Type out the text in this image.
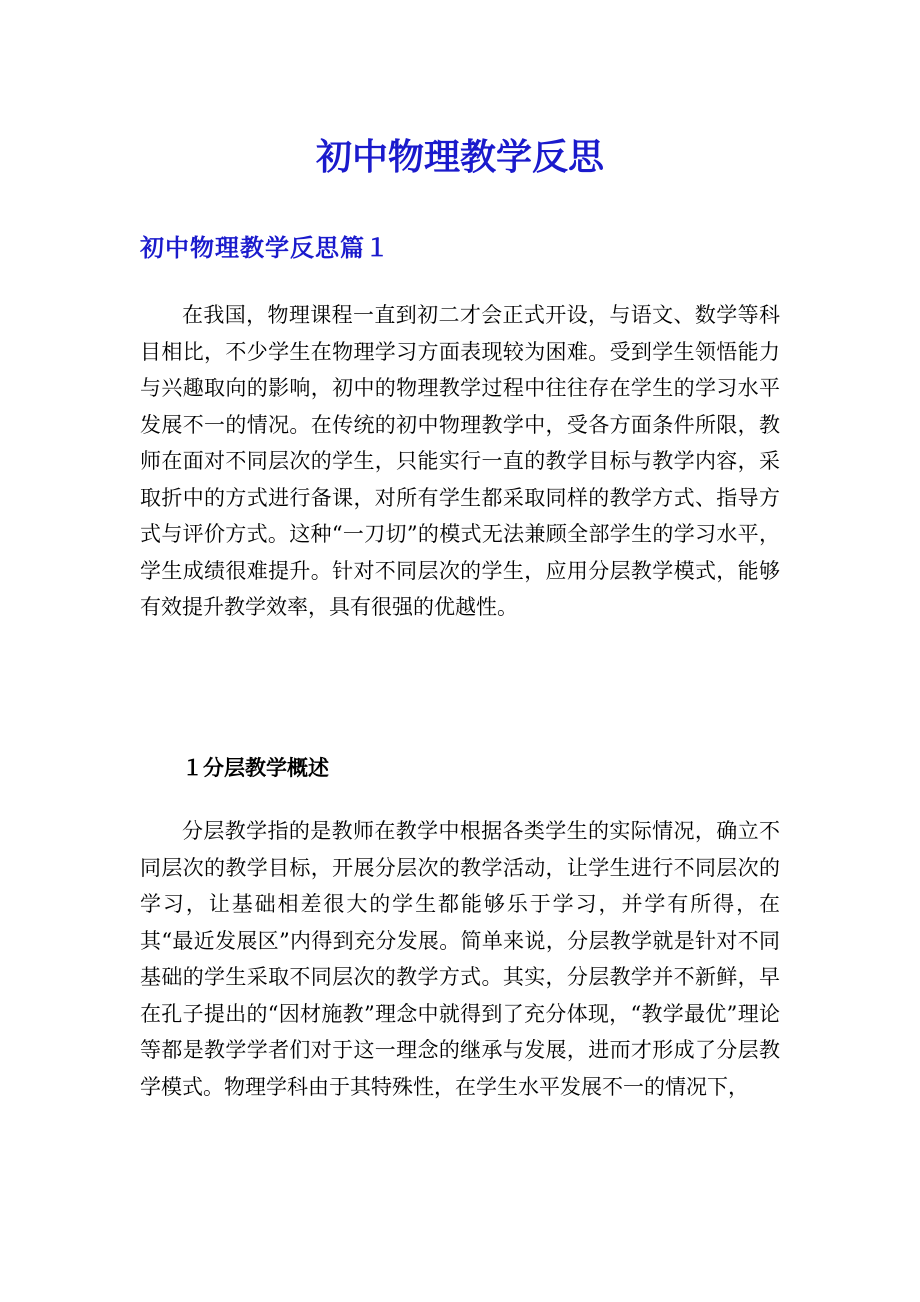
初中物理教学反思
初中物理教学反思篇１

在我国，物理课程一直到初二才会正式开设，与语文、数学等科目相比，不少学生在物理学习方面表现较为困难。受到学生领悟能力与兴趣取向的影响，初中的物理教学过程中往往存在学生的学习水平发展不一的情况。在传统的初中物理教学中，受各方面条件所限，教师在面对不同层次的学生，只能实行一直的教学目标与教学内容，采取折中的方式进行备课，对所有学生都采取同样的教学方式、指导方式与评价方式。这种“一刀切”的模式无法兼顾全部学生的学习水平，学生成绩很难提升。针对不同层次的学生，应用分层教学模式，能够有效提升教学效率，具有很强的优越性。

１分层教学概述

分层教学指的是教师在教学中根据各类学生的实际情况，确立不同层次的教学目标，开展分层次的教学活动，让学生进行不同层次的学习，让基础相差很大的学生都能够乐于学习，并学有所得，在其“最近发展区”内得到充分发展。简单来说，分层教学就是针对不同基础的学生采取不同层次的教学方式。其实，分层教学并不新鲜，早在孔子提出的“因材施教”理念中就得到了充分体现，“教学最优”理论等都是教学学者们对于这一理念的继承与发展，进而才形成了分层教学模式。物理学科由于其特殊性，在学生水平发展不一的情况下，
